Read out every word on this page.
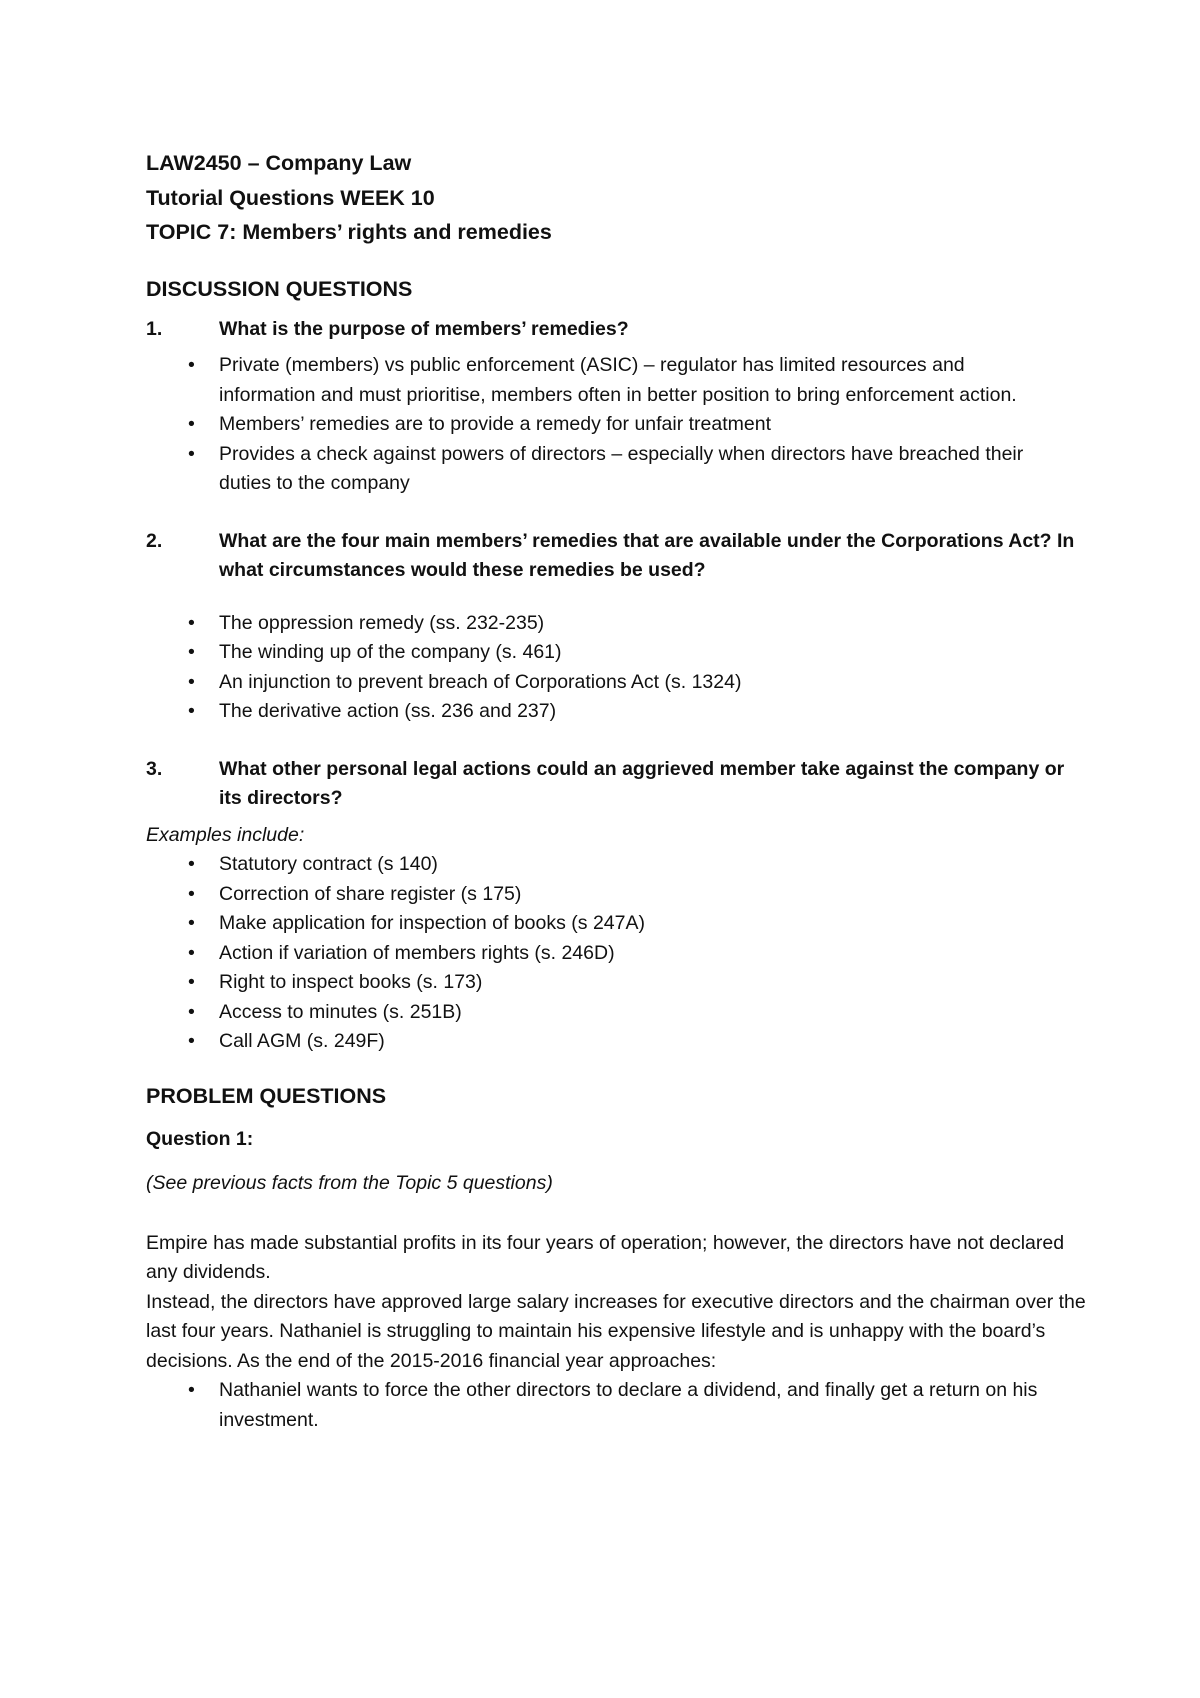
LAW2450 – Company Law

Tutorial Questions WEEK 10

TOPIC 7: Members’ rights and remedies

DISCUSSION QUESTIONS

1.	What is the purpose of members’ remedies?
•	Private (members) vs public enforcement (ASIC) – regulator has limited resources and information and must prioritise, members often in better position to bring enforcement action.
•	Members’ remedies are to provide a remedy for unfair treatment
•	Provides a check against powers of directors – especially when directors have breached their duties to the company
2.	What are the four main members’ remedies that are available under the Corporations Act? In what circumstances would these remedies be used?
•	The oppression remedy (ss. 232-235)
•	The winding up of the company (s. 461)
•	An injunction to prevent breach of Corporations Act (s. 1324)
•	The derivative action (ss. 236 and 237)
3.	What other personal legal actions could an aggrieved member take against the company or its directors?
Examples include:
•	Statutory contract (s 140)
•	Correction of share register (s 175)
•	Make application for inspection of books (s 247A)
•	Action if variation of members rights (s. 246D)
•	Right to inspect books (s. 173)
•	Access to minutes (s. 251B)
•	Call AGM (s. 249F)

PROBLEM QUESTIONS

Question 1:
(See previous facts from the Topic 5 questions)
Empire has made substantial profits in its four years of operation; however, the directors have not declared any dividends.
Instead, the directors have approved large salary increases for executive directors and the chairman over the last four years. Nathaniel is struggling to maintain his expensive lifestyle and is unhappy with the board’s decisions. As the end of the 2015-2016 financial year approaches:
•	Nathaniel wants to force the other directors to declare a dividend, and finally get a return on his investment.
